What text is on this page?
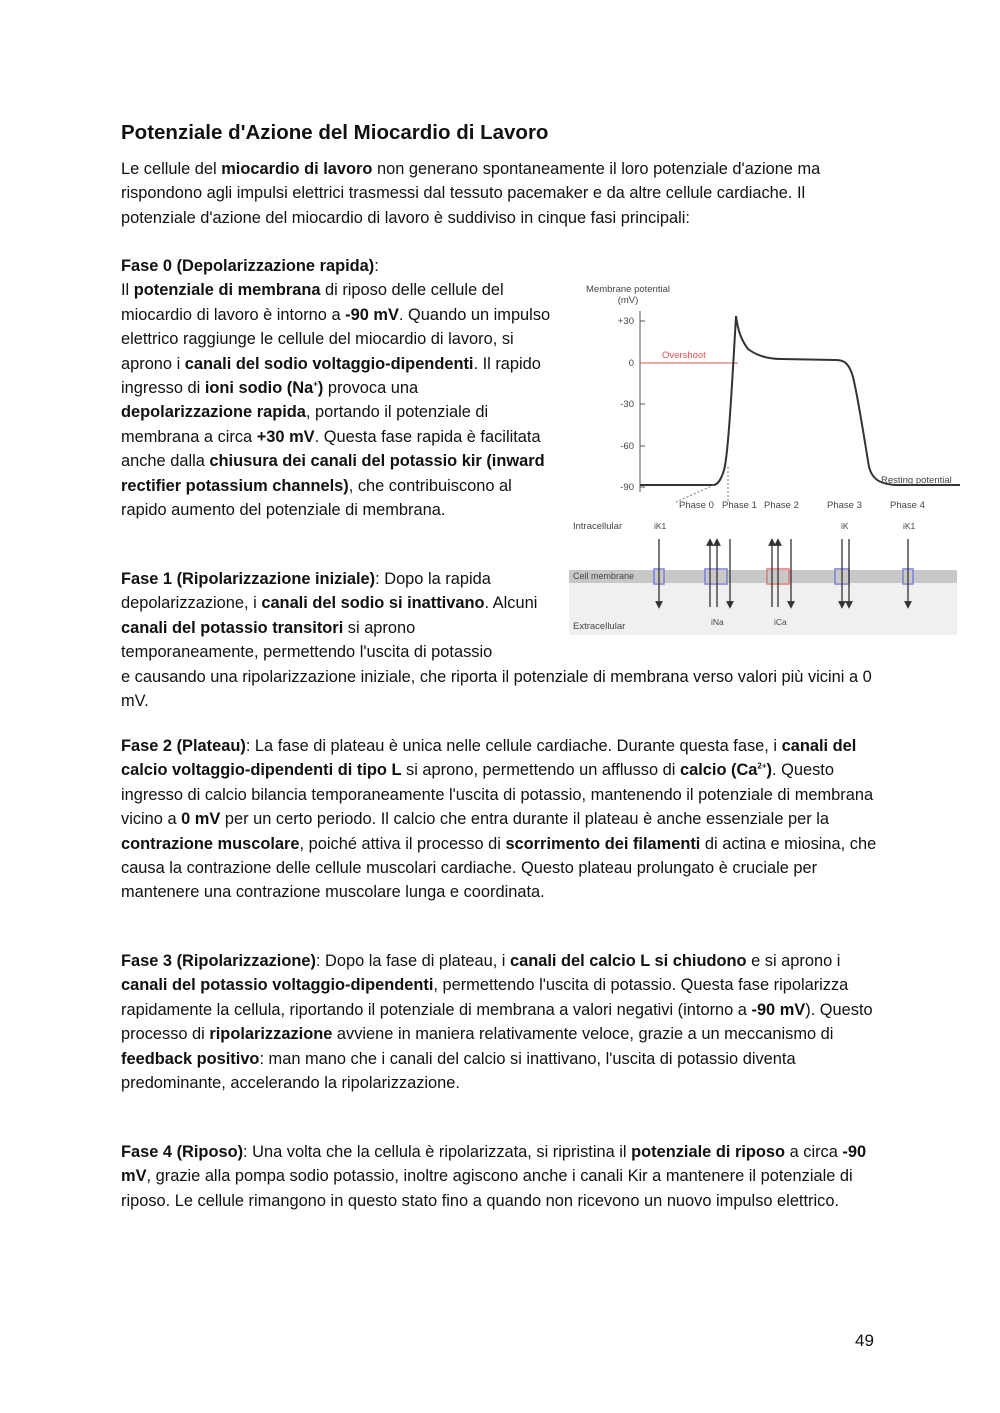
Potenziale d'Azione del Miocardio di Lavoro

Le cellule del miocardio di lavoro non generano spontaneamente il loro potenziale d'azione ma rispondono agli impulsi elettrici trasmessi dal tessuto pacemaker e da altre cellule cardiache. Il potenziale d'azione del miocardio di lavoro è suddiviso in cinque fasi principali:

Fase 0 (Depolarizzazione rapida):
Il potenziale di membrana di riposo delle cellule del miocardio di lavoro è intorno a -90 mV. Quando un impulso elettrico raggiunge le cellule del miocardio di lavoro, si aprono i canali del sodio voltaggio-dipendenti. Il rapido ingresso di ioni sodio (Na+) provoca una depolarizzazione rapida, portando il potenziale di membrana a circa +30 mV. Questa fase rapida è facilitata anche dalla chiusura dei canali del potassio kir (inward rectifier potassium channels), che contribuiscono al rapido aumento del potenziale di membrana.

Fase 1 (Ripolarizzazione iniziale): Dopo la rapida depolarizzazione, i canali del sodio si inattivano. Alcuni canali del potassio transitori si aprono temporaneamente, permettendo l'uscita di potassio

e causando una ripolarizzazione iniziale, che riporta il potenziale di membrana verso valori più vicini a 0 mV.

Fase 2 (Plateau): La fase di plateau è unica nelle cellule cardiache. Durante questa fase, i canali del calcio voltaggio-dipendenti di tipo L si aprono, permettendo un afflusso di calcio $(Ca^{2+})$. Questo ingresso di calcio bilancia temporaneamente l'uscita di potassio, mantenendo il potenziale di membrana vicino a 0 mV per un certo periodo. Il calcio che entra durante il plateau è anche essenziale per la contrazione muscolare, poiché attiva il processo di scorrimento dei filamenti di actina e miosina, che causa la contrazione delle cellule muscolari cardiache. Questo plateau prolungato è cruciale per mantenere una contrazione muscolare lunga e coordinata.

Fase 3 (Ripolarizzazione): Dopo la fase di plateau, i canali del calcio L si chiudono e si aprono i canali del potassio voltaggio-dipendenti, permettendo l'uscita di potassio. Questa fase ripolarizza rapidamente la cellula, riportando il potenziale di membrana a valori negativi (intorno a -90 mV). Questo processo di ripolarizzazione avviene in maniera relativamente veloce, grazie a un meccanismo di feedback positivo: man mano che i canali del calcio si inattivano, l'uscita di potassio diventa predominante, accelerando la ripolarizzazione.

Fase 4 (Riposo): Una volta che la cellula è ripolarizzata, si ripristina il potenziale di riposo a circa -90 mV, grazie alla pompa sodio potassio, inoltre agiscono anche i canali Kir a mantenere il potenziale di riposo. Le cellule rimangono in questo stato fino a quando non ricevono un nuovo impulso elettrico.

Membrane potential
(mV)
+30
0
-30
-60
-90
Overshoot
Resting potential
Phase 0 Phase 1 Phase 2	Phase 3	Phase 4
Intracellular	iK1	iK	iK1
Cell membrane
Extracellular	iNa	iCa
49
